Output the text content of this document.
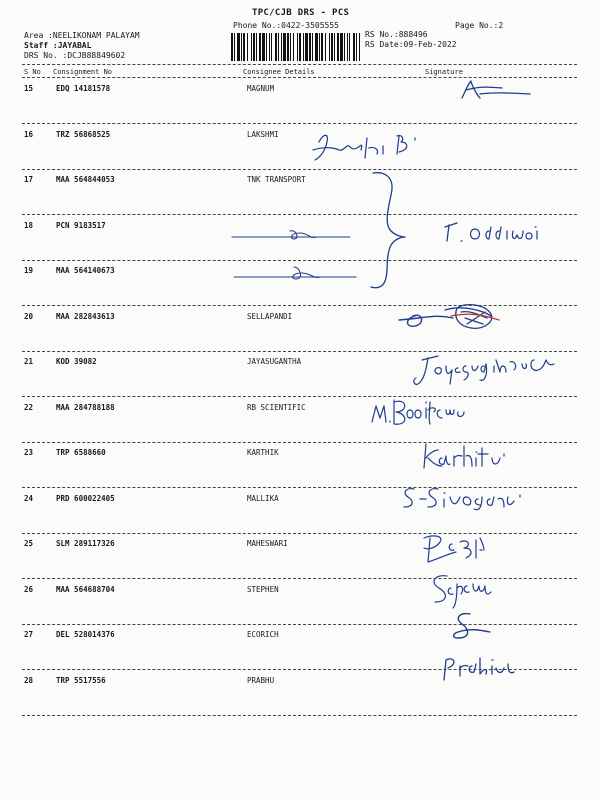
TPC/CJB DRS - PCS
Phone No.:0422-3505555
Area :NEELIKONAM PALAYAM
Staff :JAYABAL
DRS No. :DCJB88849602
Page No.:2
RS No.:888496
RS Date:09-Feb-2022
S No Consignment No	Consignee Details	Signature
15	EDQ 14181578	MAGNUM
16	TRZ 56868525	LAKSHMI
17	MAA 564844053	TNK TRANSPORT
18	PCN 9183517
19	MAA 564140673
20	MAA 282843613	SELLAPANDI
21	KOD 39082	JAYASUGANTHA
22	MAA 284788188	RB SCIENTIFIC
23	TRP 6588660	KARTHIK
24	PRD 600022405	MALLIKA
25	SLM 289117326	MAHESWARI
26	MAA 564688704	STEPHEN
27	DEL 528014376	ECORICH
28	TRP 5517556	PRABHU
